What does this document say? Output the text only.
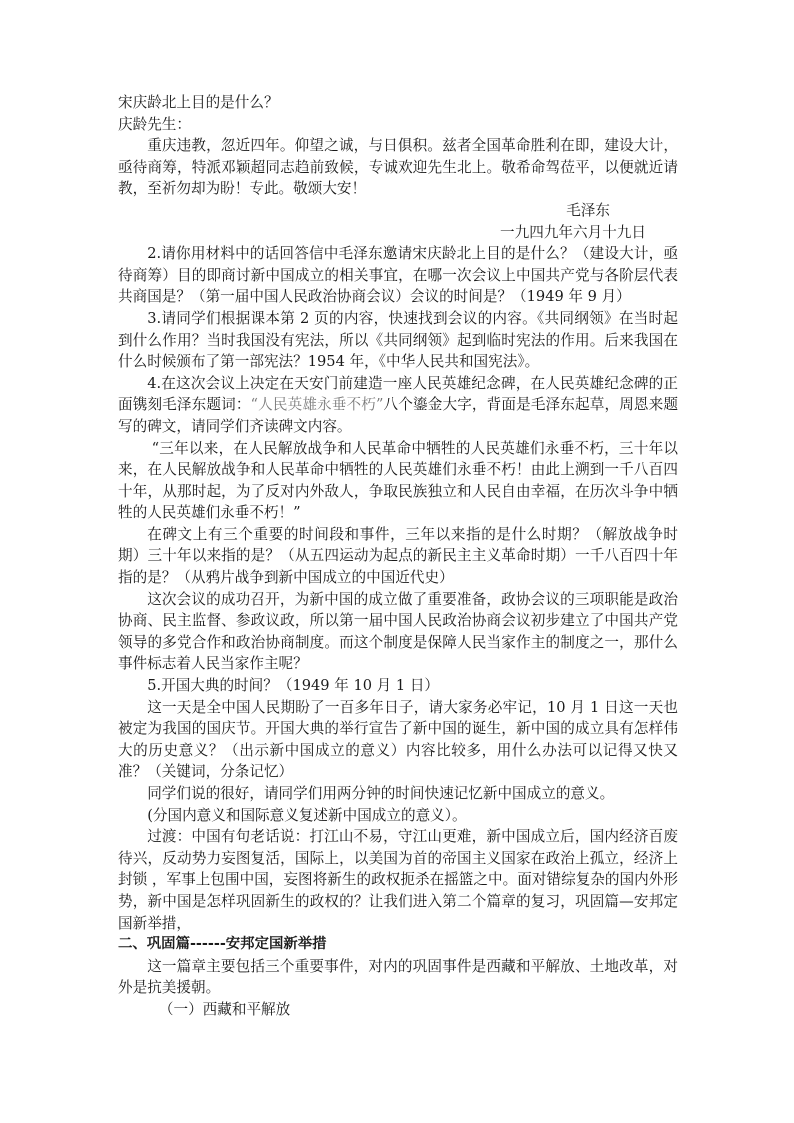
宋庆龄北上目的是什么？

庆龄先生：

重庆违教，忽近四年。仰望之诚，与日俱积。兹者全国革命胜利在即，建设大计，亟待商筹，特派邓颖超同志趋前致候，专诚欢迎先生北上。敬希命驾莅平，以便就近请教，至祈勿却为盼！专此。敬颂大安！

毛泽东

一九四九年六月十九日

2.请你用材料中的话回答信中毛泽东邀请宋庆龄北上目的是什么？（建设大计，亟待商筹）目的即商讨新中国成立的相关事宜，在哪一次会议上中国共产党与各阶层代表共商国是？（第一届中国人民政治协商会议）会议的时间是？（1949 年 9 月）

3.请同学们根据课本第 2 页的内容，快速找到会议的内容。《共同纲领》在当时起到什么作用？当时我国没有宪法，所以《共同纲领》起到临时宪法的作用。后来我国在什么时候颁布了第一部宪法？1954 年，《中华人民共和国宪法》。

4.在这次会议上决定在天安门前建造一座人民英雄纪念碑，在人民英雄纪念碑的正面镌刻毛泽东题词：“人民英雄永垂不朽”八个鎏金大字，背面是毛泽东起草，周恩来题写的碑文，请同学们齐读碑文内容。

“三年以来，在人民解放战争和人民革命中牺牲的人民英雄们永垂不朽，三十年以来，在人民解放战争和人民革命中牺牲的人民英雄们永垂不朽！由此上溯到一千八百四十年，从那时起，为了反对内外敌人，争取民族独立和人民自由幸福，在历次斗争中牺牲的人民英雄们永垂不朽！”

在碑文上有三个重要的时间段和事件，三年以来指的是什么时期？（解放战争时期）三十年以来指的是？（从五四运动为起点的新民主主义革命时期）一千八百四十年指的是？（从鸦片战争到新中国成立的中国近代史）

这次会议的成功召开，为新中国的成立做了重要准备，政协会议的三项职能是政治协商、民主监督、参政议政，所以第一届中国人民政治协商会议初步建立了中国共产党领导的多党合作和政治协商制度。而这个制度是保障人民当家作主的制度之一，那什么事件标志着人民当家作主呢？

5.开国大典的时间？（1949 年 10 月 1 日）

这一天是全中国人民期盼了一百多年日子，请大家务必牢记，10 月 1 日这一天也被定为我国的国庆节。开国大典的举行宣告了新中国的诞生，新中国的成立具有怎样伟大的历史意义？（出示新中国成立的意义）内容比较多，用什么办法可以记得又快又准？（关键词，分条记忆）

同学们说的很好，请同学们用两分钟的时间快速记忆新中国成立的意义。

(分国内意义和国际意义复述新中国成立的意义）。

过渡：中国有句老话说：打江山不易，守江山更难，新中国成立后，国内经济百废待兴，反动势力妄图复活，国际上，以美国为首的帝国主义国家在政治上孤立，经济上封锁 ，军事上包围中国，妄图将新生的政权扼杀在摇篮之中。面对错综复杂的国内外形势，新中国是怎样巩固新生的政权的？让我们进入第二个篇章的复习，巩固篇—安邦定国新举措，

二、巩固篇------安邦定国新举措

这一篇章主要包括三个重要事件，对内的巩固事件是西藏和平解放、土地改革，对外是抗美援朝。

（一）西藏和平解放
